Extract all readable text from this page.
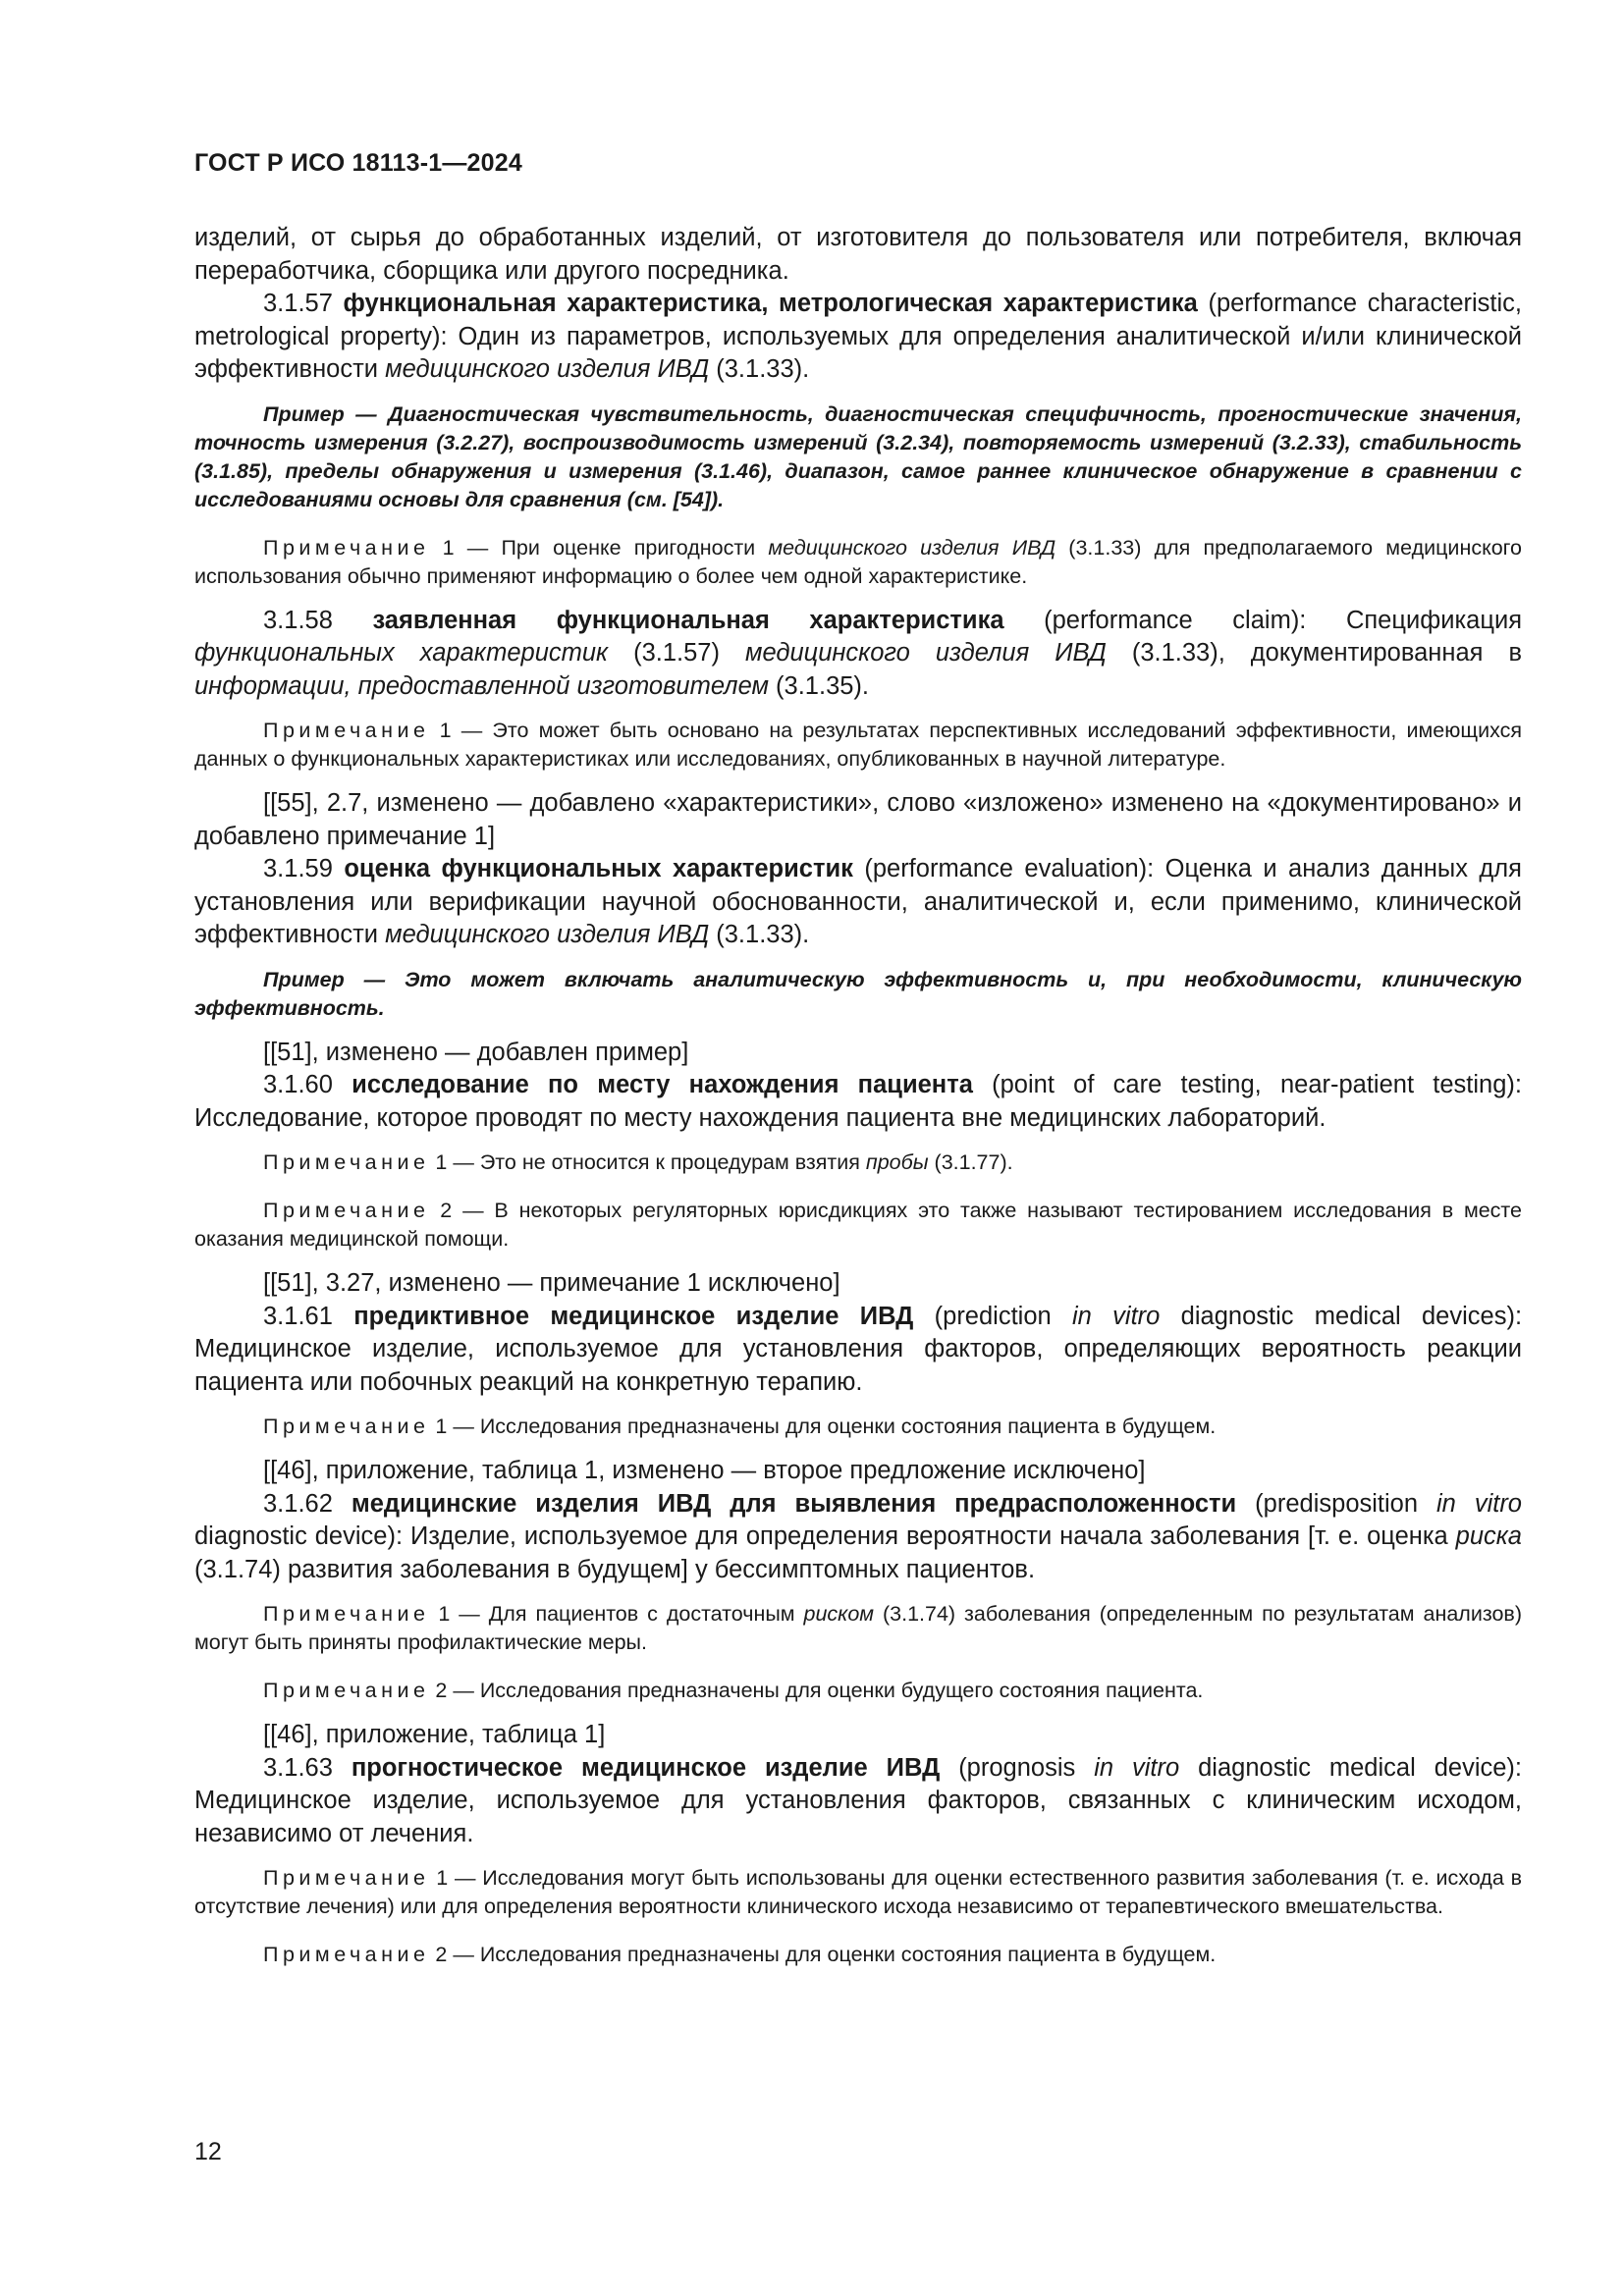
ГОСТ Р ИСО 18113-1—2024

изделий, от сырья до обработанных изделий, от изготовителя до пользователя или потребителя, включая переработчика, сборщика или другого посредника.

3.1.57 функциональная характеристика, метрологическая характеристика (performance characteristic, metrological property): Один из параметров, используемых для определения аналитической и/или клинической эффективности медицинского изделия ИВД (3.1.33).

Пример — Диагностическая чувствительность, диагностическая специфичность, прогностические значения, точность измерения (3.2.27), воспроизводимость измерений (3.2.34), повторяемость измерений (3.2.33), стабильность (3.1.85), пределы обнаружения и измерения (3.1.46), диапазон, самое раннее клиническое обнаружение в сравнении с исследованиями основы для сравнения (см. [54]).

Примечание 1 — При оценке пригодности медицинского изделия ИВД (3.1.33) для предполагаемого медицинского использования обычно применяют информацию о более чем одной характеристике.

3.1.58 заявленная функциональная характеристика (performance claim): Спецификация функциональных характеристик (3.1.57) медицинского изделия ИВД (3.1.33), документированная в информации, предоставленной изготовителем (3.1.35).

Примечание 1 — Это может быть основано на результатах перспективных исследований эффективности, имеющихся данных о функциональных характеристиках или исследованиях, опубликованных в научной литературе.

[[55], 2.7, изменено — добавлено «характеристики», слово «изложено» изменено на «документировано» и добавлено примечание 1]

3.1.59 оценка функциональных характеристик (performance evaluation): Оценка и анализ данных для установления или верификации научной обоснованности, аналитической и, если применимо, клинической эффективности медицинского изделия ИВД (3.1.33).

Пример — Это может включать аналитическую эффективность и, при необходимости, клиническую эффективность.

[[51], изменено — добавлен пример]

3.1.60 исследование по месту нахождения пациента (point of care testing, near-patient testing): Исследование, которое проводят по месту нахождения пациента вне медицинских лабораторий.

Примечание 1 — Это не относится к процедурам взятия пробы (3.1.77).

Примечание 2 — В некоторых регуляторных юрисдикциях это также называют тестированием исследования в месте оказания медицинской помощи.

[[51], 3.27, изменено — примечание 1 исключено]

3.1.61 предиктивное медицинское изделие ИВД (prediction in vitro diagnostic medical devices): Медицинское изделие, используемое для установления факторов, определяющих вероятность реакции пациента или побочных реакций на конкретную терапию.

Примечание 1 — Исследования предназначены для оценки состояния пациента в будущем.

[[46], приложение, таблица 1, изменено — второе предложение исключено]

3.1.62 медицинские изделия ИВД для выявления предрасположенности (predisposition in vitro diagnostic device): Изделие, используемое для определения вероятности начала заболевания [т. е. оценка риска (3.1.74) развития заболевания в будущем] у бессимптомных пациентов.

Примечание 1 — Для пациентов с достаточным риском (3.1.74) заболевания (определенным по результатам анализов) могут быть приняты профилактические меры.

Примечание 2 — Исследования предназначены для оценки будущего состояния пациента.

[[46], приложение, таблица 1]

3.1.63 прогностическое медицинское изделие ИВД (prognosis in vitro diagnostic medical device): Медицинское изделие, используемое для установления факторов, связанных с клиническим исходом, независимо от лечения.

Примечание 1 — Исследования могут быть использованы для оценки естественного развития заболевания (т. е. исхода в отсутствие лечения) или для определения вероятности клинического исхода независимо от терапевтического вмешательства.

Примечание 2 — Исследования предназначены для оценки состояния пациента в будущем.

12
